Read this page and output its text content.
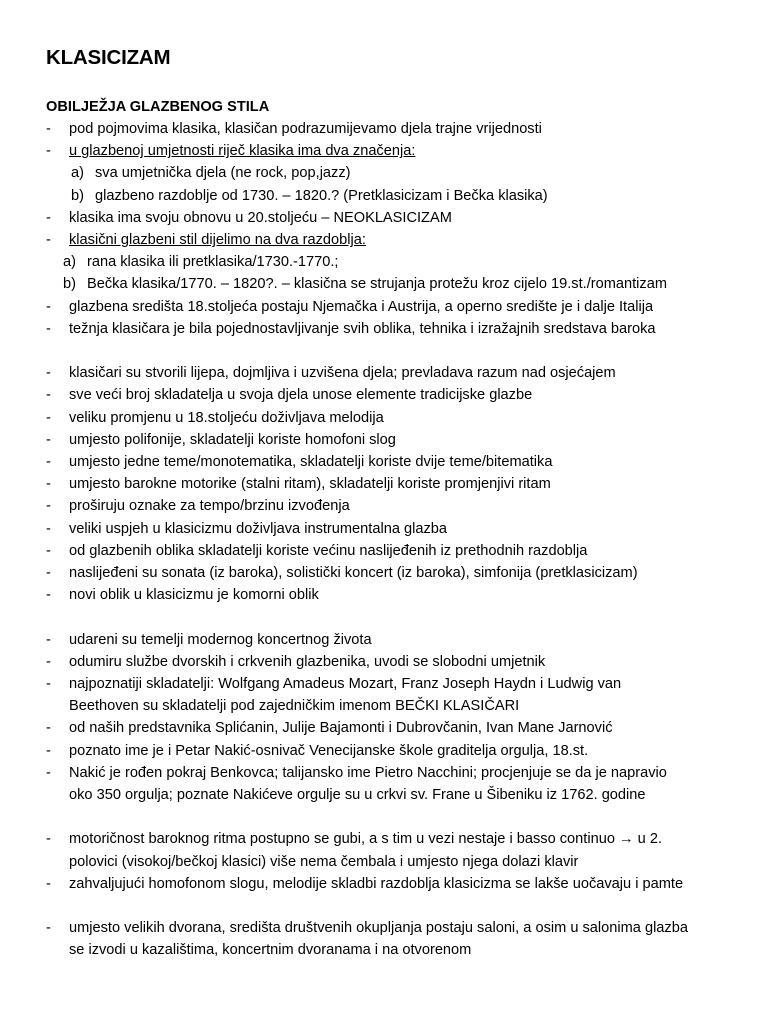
KLASICIZAM
OBILJEŽJA GLAZBENOG STILA
-	pod pojmovima klasika, klasičan podrazumijevamo djela trajne vrijednosti
-	u glazbenoj umjetnosti riječ klasika ima dva značenja:
a) sva umjetnička djela (ne rock, pop,jazz)
b) glazbeno razdoblje od 1730. – 1820.? (Pretklasicizam i Bečka klasika)
-	klasika ima svoju obnovu u 20.stoljeću – NEOKLASICIZAM
-	klasični glazbeni stil dijelimo na dva razdoblja:
a) rana klasika ili pretklasika/1730.-1770.;
b) Bečka klasika/1770. – 1820?. – klasična se strujanja protežu kroz cijelo 19.st./romantizam
-	glazbena središta 18.stoljeća postaju Njemačka i Austrija, a operno središte je i dalje Italija
-	težnja klasičara je bila pojednostavljivanje svih oblika, tehnika i izražajnih sredstava baroka
-	klasičari su stvorili lijepa, dojmljiva i uzvišena djela; prevladava razum nad osjećajem
-	sve veći broj skladatelja u svoja djela unose elemente tradicijske glazbe
-	veliku promjenu u 18.stoljeću doživljava melodija
-	umjesto polifonije, skladatelji koriste homofoni slog
-	umjesto jedne teme/monotematika, skladatelji koriste dvije teme/bitematika
-	umjesto barokne motorike (stalni ritam), skladatelji koriste promjenjivi ritam
-	proširuju oznake za tempo/brzinu izvođenja
-	veliki uspjeh u klasicizmu doživljava instrumentalna glazba
-	od glazbenih oblika skladatelji koriste većinu naslijeđenih iz prethodnih razdoblja
-	naslijeđeni su sonata (iz baroka), solistički koncert (iz baroka), simfonija (pretklasicizam)
-	novi oblik u klasicizmu je komorni oblik
-	udareni su temelji modernog koncertnog života
-	odumiru službe dvorskih i crkvenih glazbenika, uvodi se slobodni umjetnik
-	najpoznatiji skladatelji: Wolfgang Amadeus Mozart, Franz Joseph Haydn i Ludwig van
Beethoven su skladatelji pod zajedničkim imenom BEČKI KLASIČARI
-	od naših predstavnika Splićanin, Julije Bajamonti i Dubrovčanin, Ivan Mane Jarnović
-	poznato ime je i Petar Nakić-osnivač Venecijanske škole graditelja orgulja, 18.st.
-	Nakić je rođen pokraj Benkovca; talijansko ime Pietro Nacchini; procjenjuje se da je napravio
oko 350 orgulja; poznate Nakićeve orgulje su u crkvi sv. Frane u Šibeniku iz 1762. godine
-	motoričnost baroknog ritma postupno se gubi, a s tim u vezi nestaje i basso continuo → u 2.
polovici (visokoj/bečkoj klasici) više nema čembala i umjesto njega dolazi klavir
-	zahvaljujući homofonom slogu, melodije skladbi razdoblja klasicizma se lakše uočavaju i pamte
-	umjesto velikih dvorana, središta društvenih okupljanja postaju saloni, a osim u salonima glazba
se izvodi u kazalištima, koncertnim dvoranama i na otvorenom
